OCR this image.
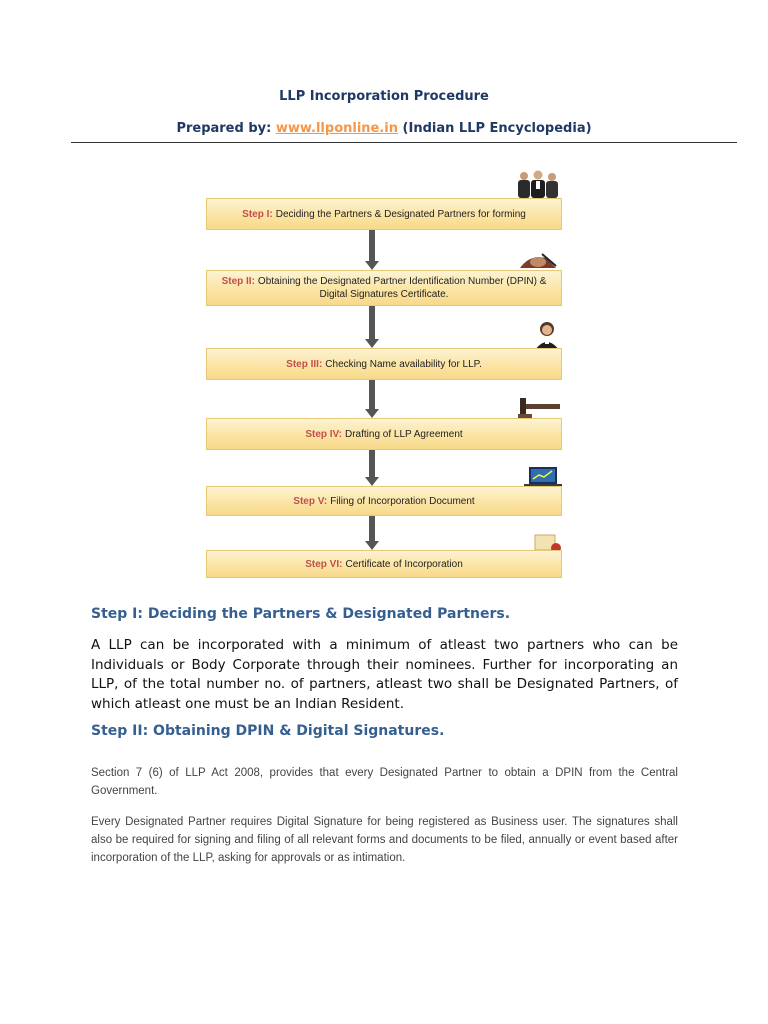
LLP Incorporation Procedure
Prepared by: www.llponline.in (Indian LLP Encyclopedia)
Step I: Deciding the Partners & Designated Partners for forming
Step II: Obtaining the Designated Partner Identification Number (DPIN) & Digital Signatures Certificate.
Step III: Checking Name availability for LLP.
Step IV: Drafting of LLP Agreement
Step V: Filing of Incorporation Document
Step VI: Certificate of Incorporation
Step I: Deciding the Partners & Designated Partners.
A LLP can be incorporated with a minimum of atleast two partners who can be Individuals or Body Corporate through their nominees. Further for incorporating an LLP, of the total number no. of partners, atleast two shall be Designated Partners, of which atleast one must be an Indian Resident.
Step II: Obtaining DPIN & Digital Signatures.
Section 7 (6) of LLP Act 2008, provides that every Designated Partner to obtain a DPIN from the Central Government.
Every Designated Partner requires Digital Signature for being registered as Business user. The signatures shall also be required for signing and filing of all relevant forms and documents to be filed, annually or event based after incorporation of the LLP, asking for approvals or as intimation.
